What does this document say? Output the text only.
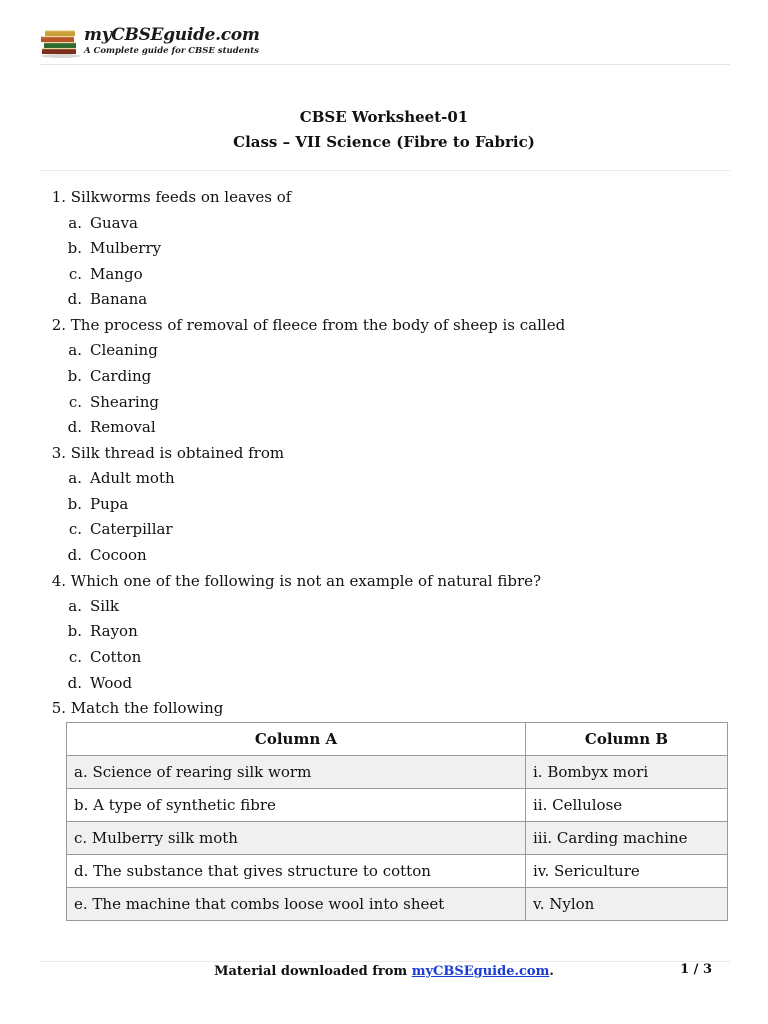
myCBSEguide.com
A Complete guide for CBSE students
CBSE Worksheet-01
Class – VII Science (Fibre to Fabric)
1. Silkworms feeds on leaves of
a. Guava
b. Mulberry
c. Mango
d. Banana
2. The process of removal of fleece from the body of sheep is called
a. Cleaning
b. Carding
c. Shearing
d. Removal
3. Silk thread is obtained from
a. Adult moth
b. Pupa
c. Caterpillar
d. Cocoon
4. Which one of the following is not an example of natural fibre?
a. Silk
b. Rayon
c. Cotton
d. Wood
5. Match the following
Column A	Column B
a. Science of rearing silk worm	i. Bombyx mori
b. A type of synthetic fibre	ii. Cellulose
c. Mulberry silk moth	iii. Carding machine
d. The substance that gives structure to cotton	iv. Sericulture
e. The machine that combs loose wool into sheet	v. Nylon
Material downloaded from myCBSEguide.com.	1 / 3
